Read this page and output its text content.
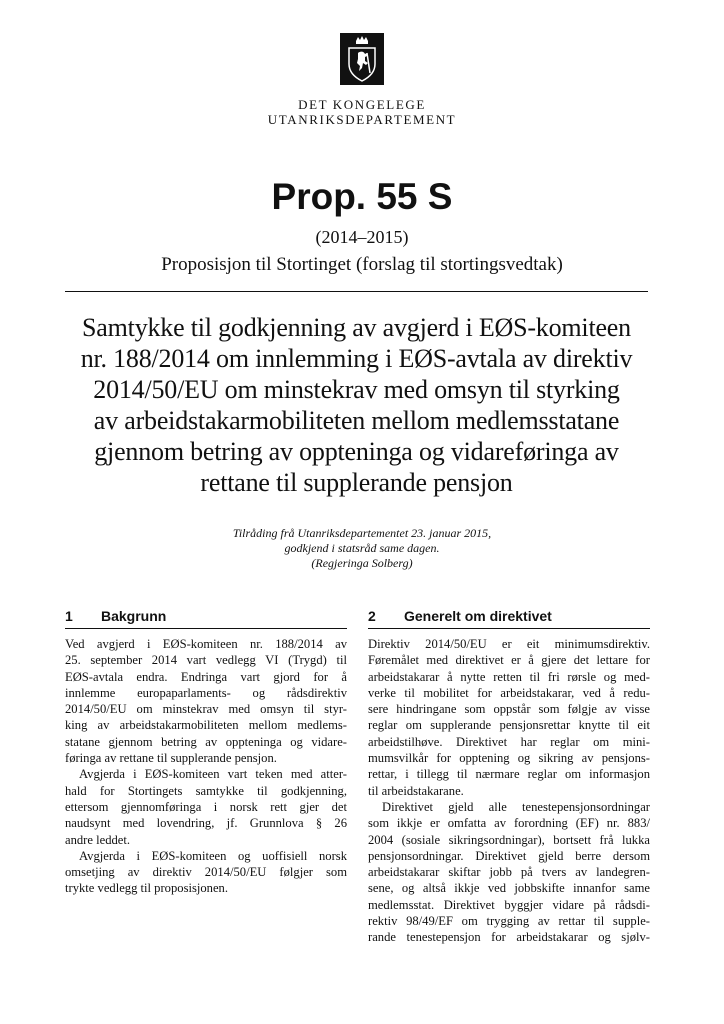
DET KONGELEGE
UTANRIKSDEPARTEMENT
Prop. 55 S
(2014–2015)
Proposisjon til Stortinget (forslag til stortingsvedtak)
Samtykke til godkjenning av avgjerd i EØS-komiteen
nr. 188/2014 om innlemming i EØS-avtala av direktiv
2014/50/EU om minstekrav med omsyn til styrking
av arbeidstakarmobiliteten mellom medlemsstatane
gjennom betring av oppteninga og vidareføringa av
rettane til supplerande pensjon
Tilråding frå Utanriksdepartementet 23. januar 2015,
godkjend i statsråd same dagen.
(Regjeringa Solberg)
1 Bakgrunn
Ved avgjerd i EØS-komiteen nr. 188/2014 av
25. september 2014 vart vedlegg VI (Trygd) til
EØS-avtala endra. Endringa vart gjord for å
innlemme europaparlaments- og rådsdirektiv
2014/50/EU om minstekrav med omsyn til styr-
king av arbeidstakarmobiliteten mellom medlems-
statane gjennom betring av oppteninga og vidare-
føringa av rettane til supplerande pensjon.
Avgjerda i EØS-komiteen vart teken med atter-
hald for Stortingets samtykke til godkjenning,
ettersom gjennomføringa i norsk rett gjer det
naudsynt med lovendring, jf. Grunnlova § 26
andre leddet.
Avgjerda i EØS-komiteen og uoffisiell norsk
omsetjing av direktiv 2014/50/EU følgjer som
trykte vedlegg til proposisjonen.
2 Generelt om direktivet
Direktiv 2014/50/EU er eit minimumsdirektiv.
Føremålet med direktivet er å gjere det lettare for
arbeidstakarar å nytte retten til fri rørsle og med-
verke til mobilitet for arbeidstakarar, ved å redu-
sere hindringane som oppstår som følgje av visse
reglar om supplerande pensjonsrettar knytte til eit
arbeidstilhøve. Direktivet har reglar om mini-
mumsvilkår for opptening og sikring av pensjons-
rettar, i tillegg til nærmare reglar om informasjon
til arbeidstakarane.
Direktivet gjeld alle tenestepensjonsordningar
som ikkje er omfatta av forordning (EF) nr. 883/
2004 (sosiale sikringsordningar), bortsett frå lukka
pensjonsordningar. Direktivet gjeld berre dersom
arbeidstakarar skiftar jobb på tvers av landegren-
sene, og altså ikkje ved jobbskifte innanfor same
medlemsstat. Direktivet byggjer vidare på rådsdi-
rektiv 98/49/EF om trygging av rettar til supple-
rande tenestepensjon for arbeidstakarar og sjølv-
